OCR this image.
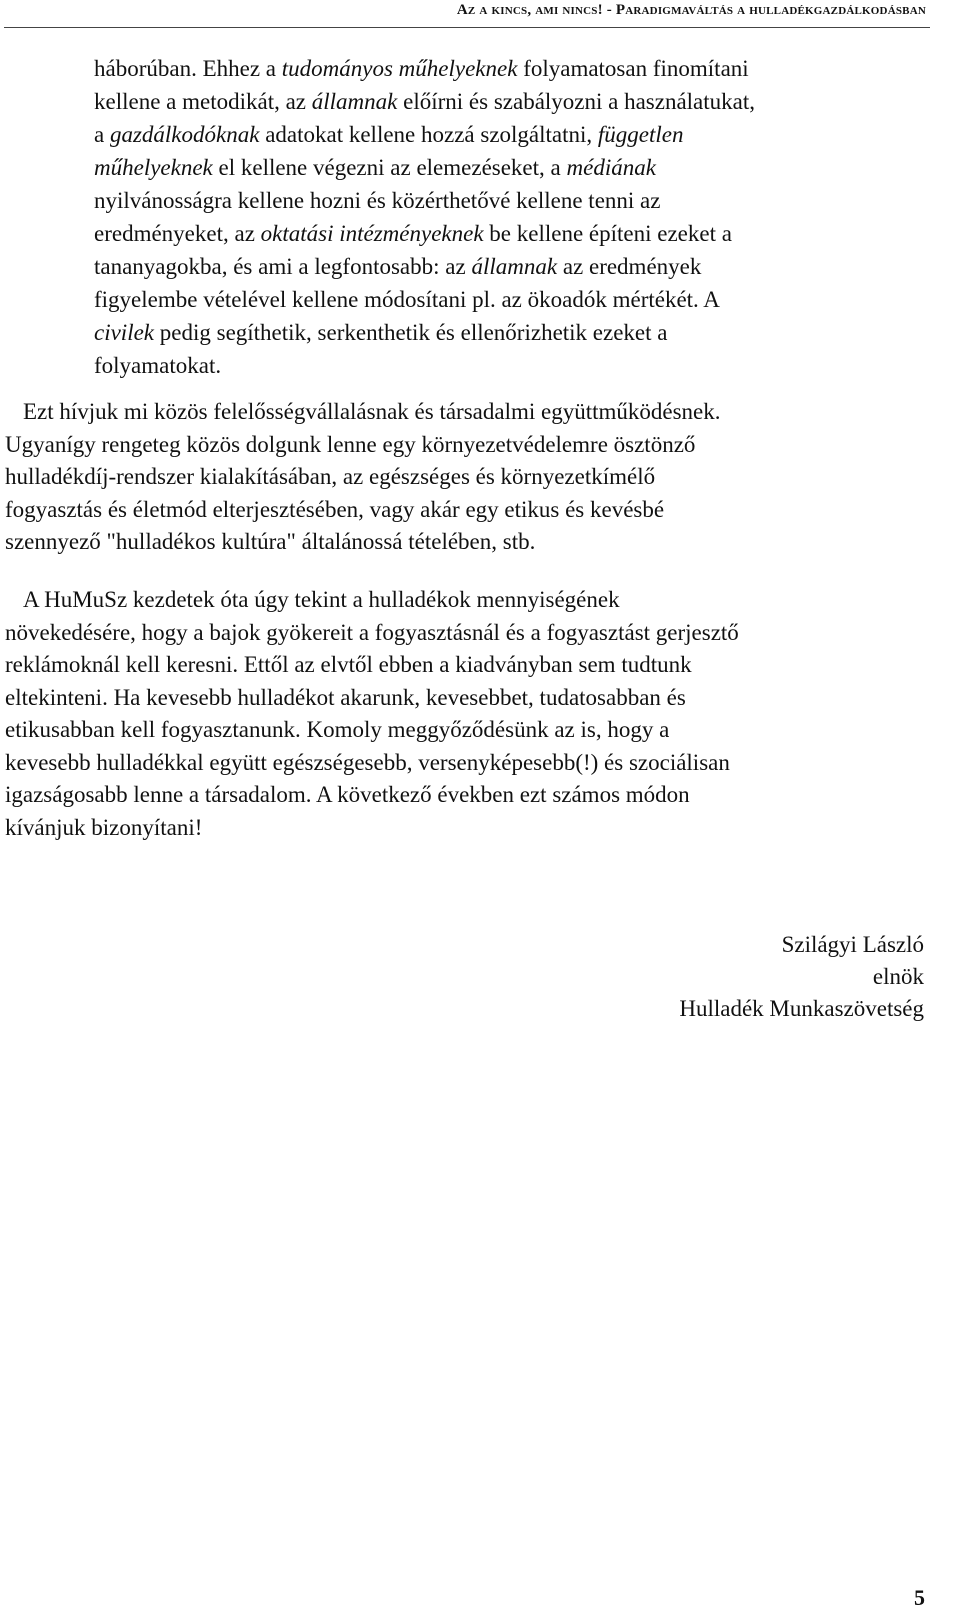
Az a kincs, ami nincs! - Paradigmaváltás a hulladékgazdálkodásban
háborúban. Ehhez a tudományos műhelyeknek folyamatosan finomítani
kellene a metodikát, az államnak előírni és szabályozni a használatukat,
a gazdálkodóknak adatokat kellene hozzá szolgáltatni, független
műhelyeknek el kellene végezni az elemezéseket, a médiának
nyilvánosságra kellene hozni és közérthetővé kellene tenni az
eredményeket, az oktatási intézményeknek be kellene építeni ezeket a
tananyagokba, és ami a legfontosabb: az államnak az eredmények
figyelembe vételével kellene módosítani pl. az ökoadók mértékét. A
civilek pedig segíthetik, serkenthetik és ellenőrizhetik ezeket a
folyamatokat.
Ezt hívjuk mi közös felelősségvállalásnak és társadalmi együttműködésnek.
Ugyanígy rengeteg közös dolgunk lenne egy környezetvédelemre ösztönző
hulladékdíj-rendszer kialakításában, az egészséges és környezetkímélő
fogyasztás és életmód elterjesztésében, vagy akár egy etikus és kevésbé
szennyező "hulladékos kultúra" általánossá tételében, stb.
A HuMuSz kezdetek óta úgy tekint a hulladékok mennyiségének
növekedésére, hogy a bajok gyökereit a fogyasztásnál és a fogyasztást gerjesztő
reklámoknál kell keresni. Ettől az elvtől ebben a kiadványban sem tudtunk
eltekinteni. Ha kevesebb hulladékot akarunk, kevesebbet, tudatosabban és
etikusabban kell fogyasztanunk. Komoly meggyőződésünk az is, hogy a
kevesebb hulladékkal együtt egészségesebb, versenyképesebb(!) és szociálisan
igazságosabb lenne a társadalom. A következő években ezt számos módon
kívánjuk bizonyítani!
Szilágyi László
elnök
Hulladék Munkaszövetség
5
